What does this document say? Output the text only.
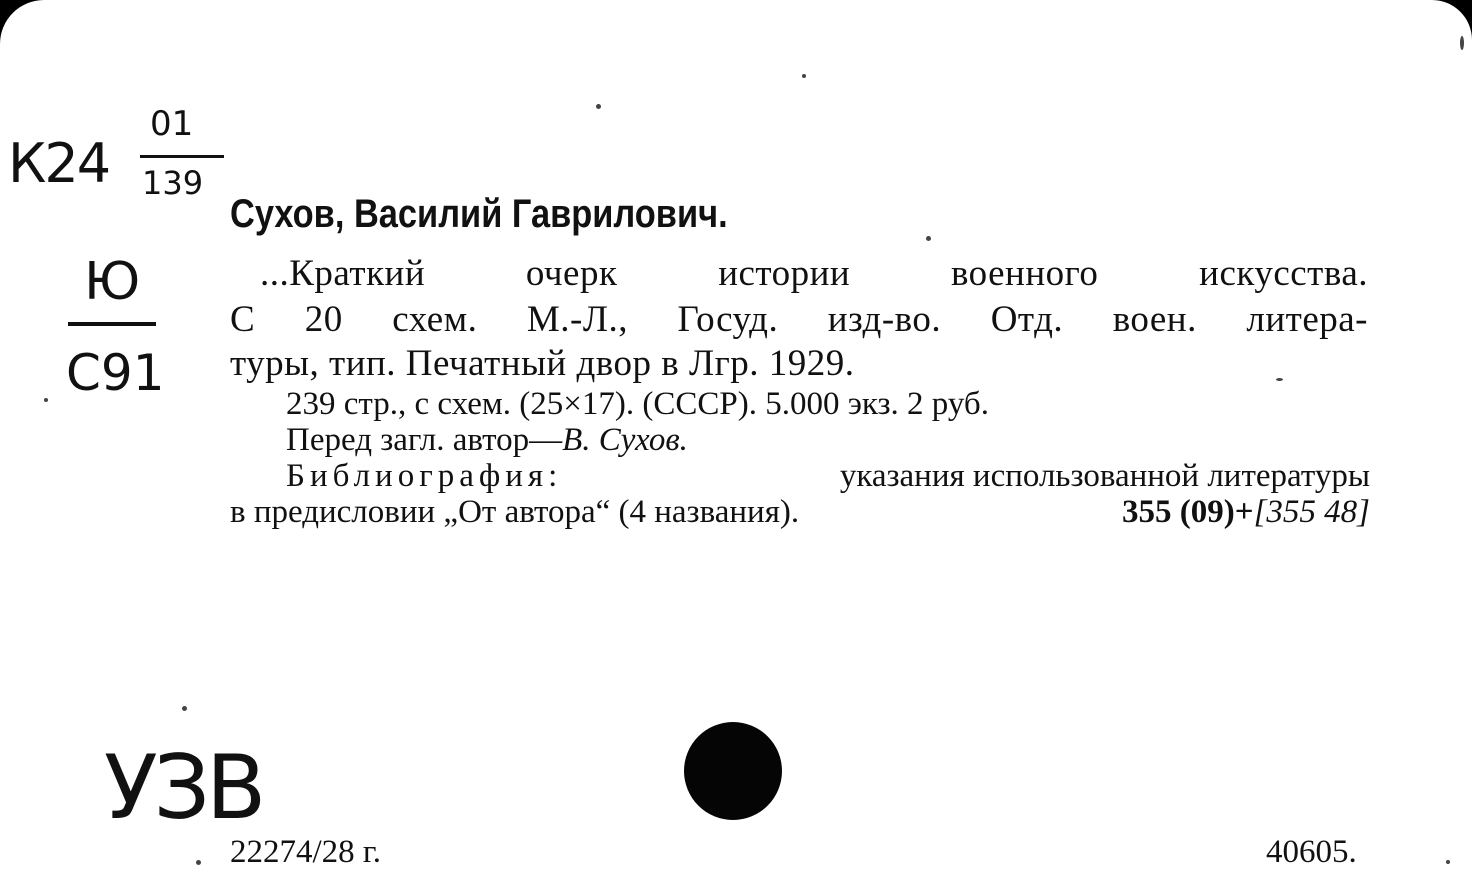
К24
01
139
Ю
С91
УЗВ
Сухов, Василий Гаврилович.
...Краткий очерк истории военного искусства.
С 20 схем. М.-Л., Госуд. изд-во. Отд. воен. литера-
туры, тип. Печатный двор в Лгр. 1929.
239 стр., с схем. (25×17). (СССР). 5.000 экз. 2 руб.
Перед загл. автор—В. Сухов.
Библиография:	указания использованной литературы
в предисловии „От автора“ (4 названия).	355 (09)+[355 48]
22274/28 г.	40605.
